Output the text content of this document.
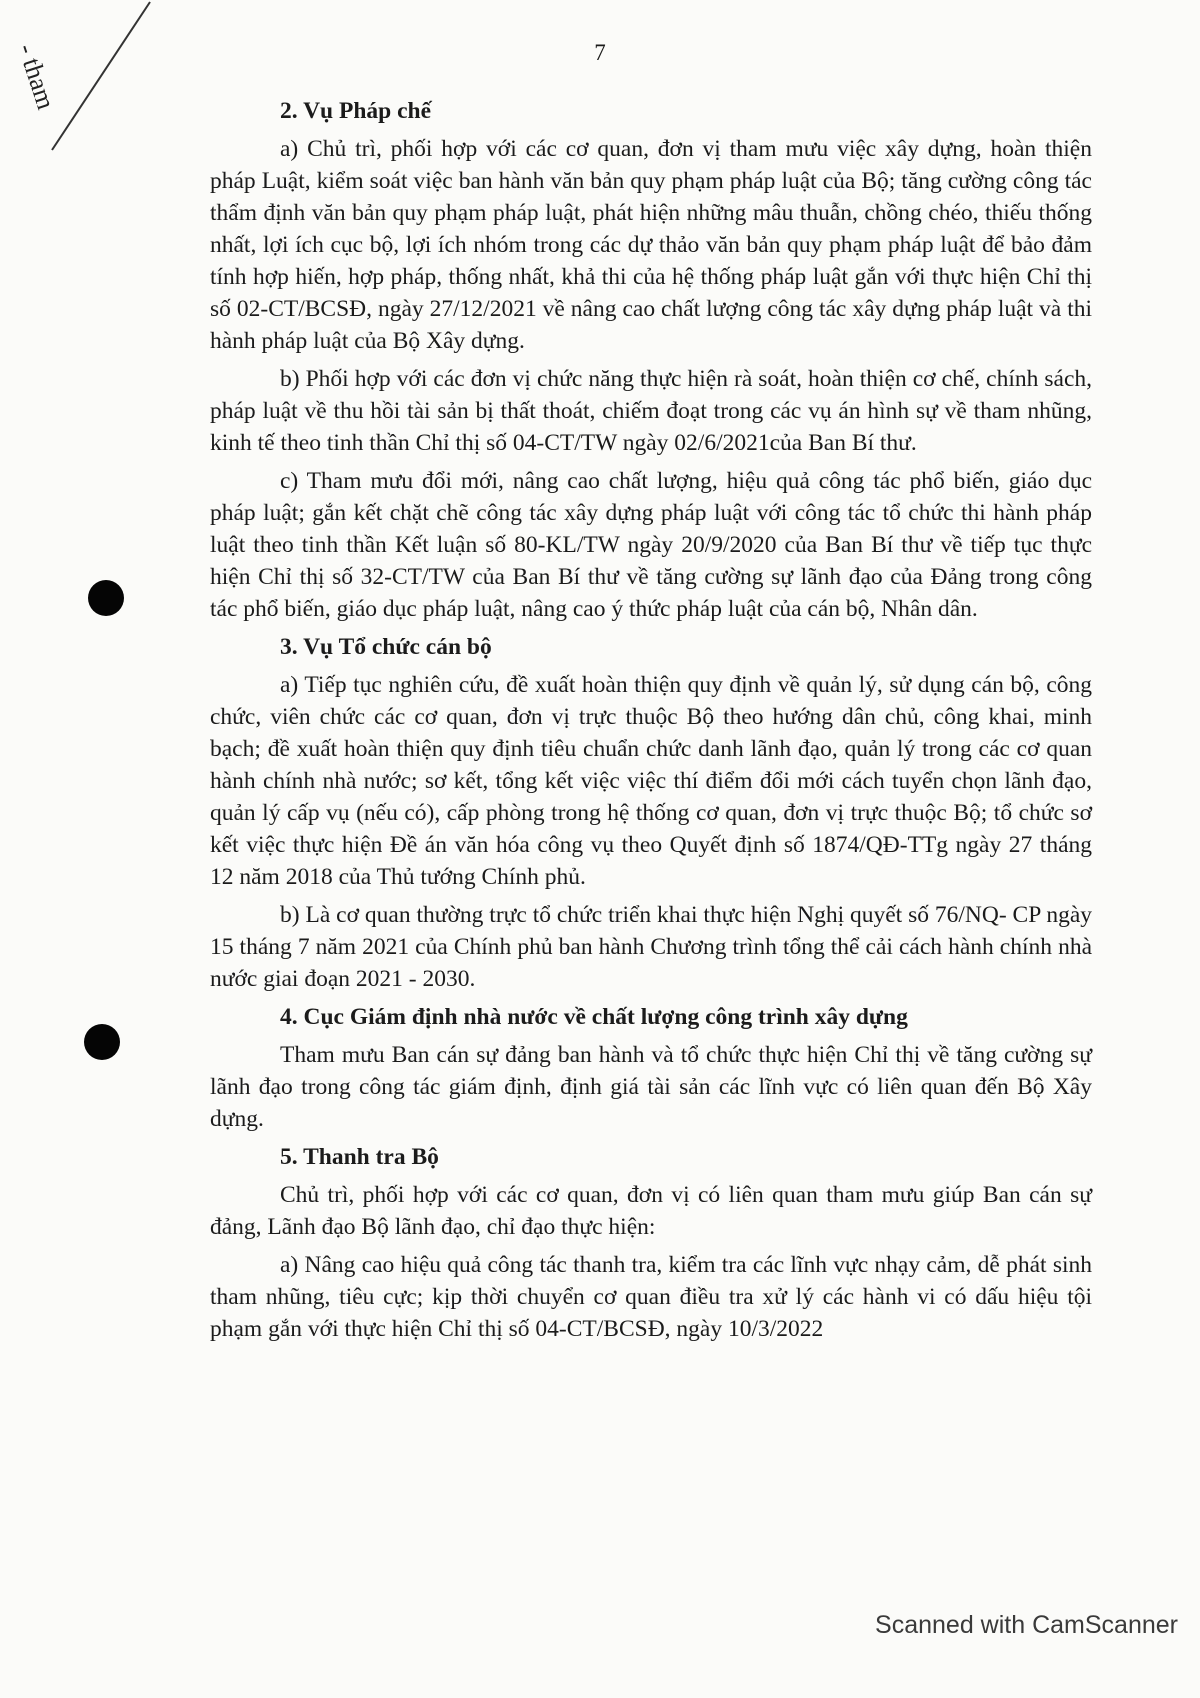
- tham	7
2. Vụ Pháp chế

a) Chủ trì, phối hợp với các cơ quan, đơn vị tham mưu việc xây dựng, hoàn thiện pháp Luật, kiểm soát việc ban hành văn bản quy phạm pháp luật của Bộ; tăng cường công tác thẩm định văn bản quy phạm pháp luật, phát hiện những mâu thuẫn, chồng chéo, thiếu thống nhất, lợi ích cục bộ, lợi ích nhóm trong các dự thảo văn bản quy phạm pháp luật để bảo đảm tính hợp hiến, hợp pháp, thống nhất, khả thi của hệ thống pháp luật gắn với thực hiện Chỉ thị số 02-CT/BCSĐ, ngày 27/12/2021 về nâng cao chất lượng công tác xây dựng pháp luật và thi hành pháp luật của Bộ Xây dựng.

b) Phối hợp với các đơn vị chức năng thực hiện rà soát, hoàn thiện cơ chế, chính sách, pháp luật về thu hồi tài sản bị thất thoát, chiếm đoạt trong các vụ án hình sự về tham nhũng, kinh tế theo tinh thần Chỉ thị số 04-CT/TW ngày 02/6/2021của Ban Bí thư.

c) Tham mưu đổi mới, nâng cao chất lượng, hiệu quả công tác phổ biến, giáo dục pháp luật; gắn kết chặt chẽ công tác xây dựng pháp luật với công tác tổ chức thi hành pháp luật theo tinh thần Kết luận số 80-KL/TW ngày 20/9/2020 của Ban Bí thư về tiếp tục thực hiện Chỉ thị số 32-CT/TW của Ban Bí thư về tăng cường sự lãnh đạo của Đảng trong công tác phổ biến, giáo dục pháp luật, nâng cao ý thức pháp luật của cán bộ, Nhân dân.

3. Vụ Tổ chức cán bộ

a) Tiếp tục nghiên cứu, đề xuất hoàn thiện quy định về quản lý, sử dụng cán bộ, công chức, viên chức các cơ quan, đơn vị trực thuộc Bộ theo hướng dân chủ, công khai, minh bạch; đề xuất hoàn thiện quy định tiêu chuẩn chức danh lãnh đạo, quản lý trong các cơ quan hành chính nhà nước; sơ kết, tổng kết việc việc thí điểm đổi mới cách tuyển chọn lãnh đạo, quản lý cấp vụ (nếu có), cấp phòng trong hệ thống cơ quan, đơn vị trực thuộc Bộ; tổ chức sơ kết việc thực hiện Đề án văn hóa công vụ theo Quyết định số 1874/QĐ-TTg ngày 27 tháng 12 năm 2018 của Thủ tướng Chính phủ.

b) Là cơ quan thường trực tổ chức triển khai thực hiện Nghị quyết số 76/NQ- CP ngày 15 tháng 7 năm 2021 của Chính phủ ban hành Chương trình tổng thể cải cách hành chính nhà nước giai đoạn 2021 - 2030.

4. Cục Giám định nhà nước về chất lượng công trình xây dựng

Tham mưu Ban cán sự đảng ban hành và tổ chức thực hiện Chỉ thị về tăng cường sự lãnh đạo trong công tác giám định, định giá tài sản các lĩnh vực có liên quan đến Bộ Xây dựng.

5. Thanh tra Bộ

Chủ trì, phối hợp với các cơ quan, đơn vị có liên quan tham mưu giúp Ban cán sự đảng, Lãnh đạo Bộ lãnh đạo, chỉ đạo thực hiện:

a) Nâng cao hiệu quả công tác thanh tra, kiểm tra các lĩnh vực nhạy cảm, dễ phát sinh tham nhũng, tiêu cực; kịp thời chuyển cơ quan điều tra xử lý các hành vi có dấu hiệu tội phạm gắn với thực hiện Chỉ thị số 04-CT/BCSĐ, ngày 10/3/2022

Scanned with CamScanner
